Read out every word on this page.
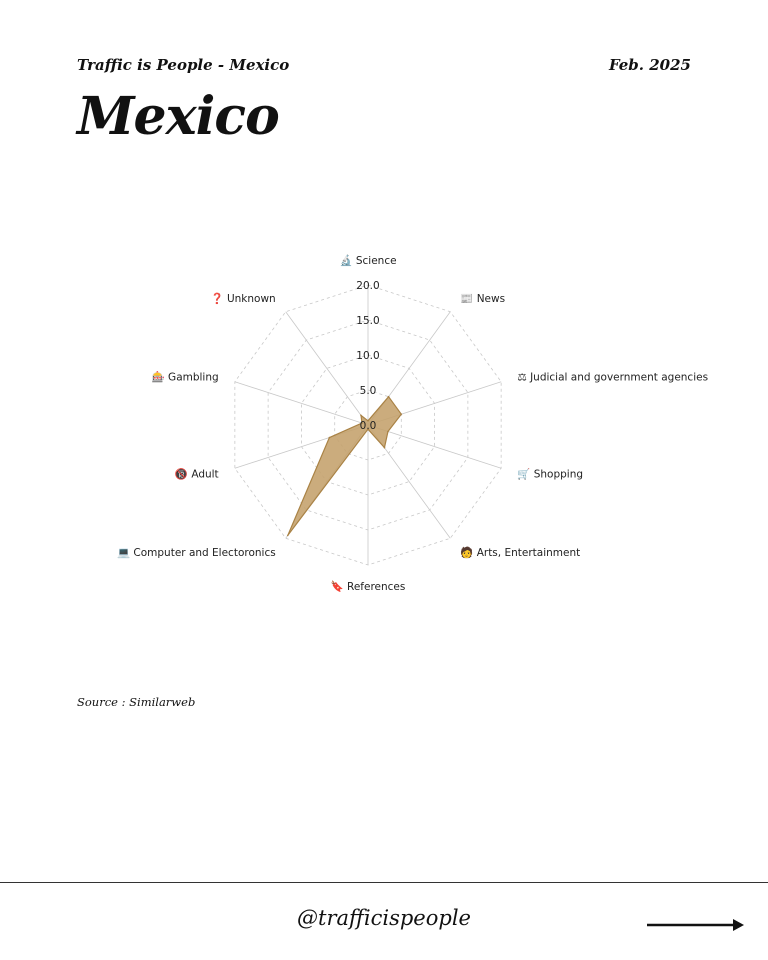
Traffic is People - Mexico	Feb. 2025
Mexico
0.0
5.0
10.0
15.0
20.0
🔬 Science
📰 News
⚖ Judicial and government agencies
🛒 Shopping
🧑 Arts, Entertainment
🔖 References
💻 Computer and Electoronics
🔞 Adult
🎰 Gambling
❓ Unknown
Source : Similarweb
@trafficispeople
